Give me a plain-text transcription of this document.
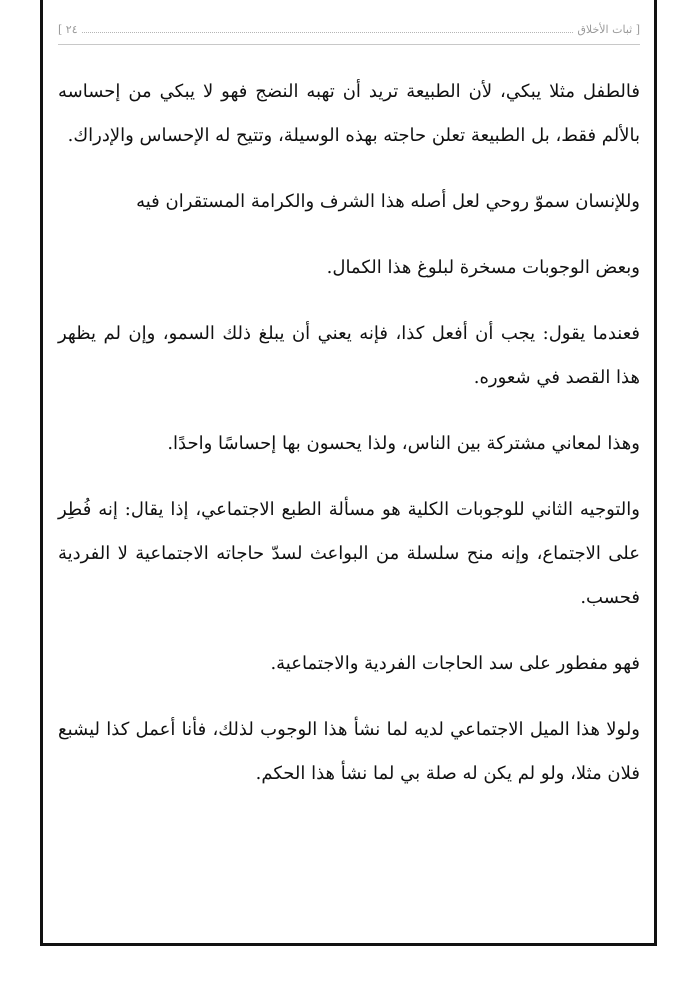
[ ثبات الأخلاق
٢٤ ]

فالطفل مثلا يبكي، لأن الطبيعة تريد أن تهبه النضج فهو لا يبكي من إحساسه بالألم فقط، بل الطبيعة تعلن حاجته بهذه الوسيلة، وتتيح له الإحساس والإدراك.

وللإنسان سموّ روحي لعل أصله هذا الشرف والكرامة المستقران فيه

وبعض الوجوبات مسخرة لبلوغ هذا الكمال.

فعندما يقول: يجب أن أفعل كذا، فإنه يعني أن يبلغ ذلك السمو، وإن لم يظهر هذا القصد في شعوره.

وهذا لمعاني مشتركة بين الناس، ولذا يحسون بها إحساسًا واحدًا.

والتوجيه الثاني للوجوبات الكلية هو مسألة الطبع الاجتماعي، إذا يقال: إنه فُطِر على الاجتماع، وإنه منح سلسلة من البواعث لسدّ حاجاته الاجتماعية لا الفردية فحسب.

فهو مفطور على سد الحاجات الفردية والاجتماعية.

ولولا هذا الميل الاجتماعي لديه لما نشأ هذا الوجوب لذلك، فأنا أعمل كذا ليشبع فلان مثلا، ولو لم يكن له صلة بي لما نشأ هذا الحكم.
